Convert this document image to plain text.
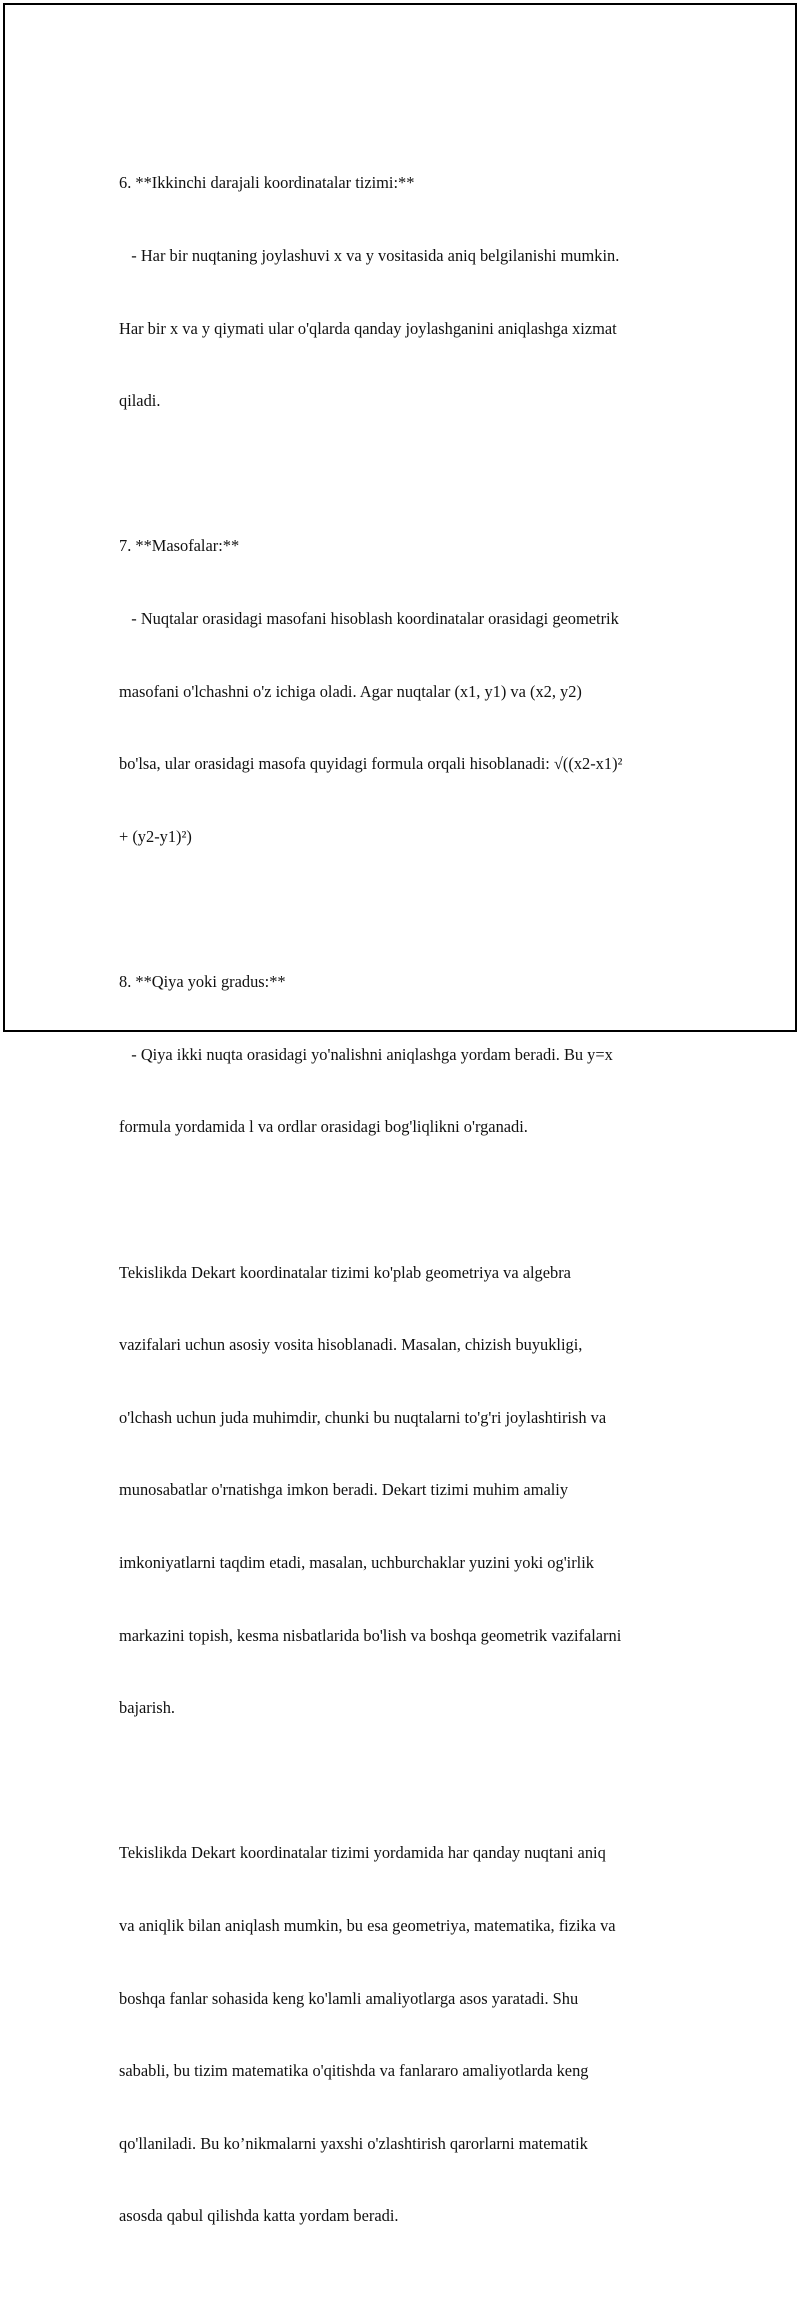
6. **Ikkinchi darajali koordinatalar tizimi:**

- Har bir nuqtaning joylashuvi x va y vositasida aniq belgilanishi mumkin.

Har bir x va y qiymati ular o'qlarda qanday joylashganini aniqlashga xizmat

qiladi.

7. **Masofalar:**

- Nuqtalar orasidagi masofani hisoblash koordinatalar orasidagi geometrik

masofani o'lchashni o'z ichiga oladi. Agar nuqtalar (x1, y1) va (x2, y2)

bo'lsa, ular orasidagi masofa quyidagi formula orqali hisoblanadi: √((x2-x1)²

+ (y2-y1)²)

8. **Qiya yoki gradus:**

- Qiya ikki nuqta orasidagi yo'nalishni aniqlashga yordam beradi. Bu y=x

formula yordamida l va ordlar orasidagi bog'liqlikni o'rganadi.

Tekislikda Dekart koordinatalar tizimi ko'plab geometriya va algebra

vazifalari uchun asosiy vosita hisoblanadi. Masalan, chizish buyukligi,

o'lchash uchun juda muhimdir, chunki bu nuqtalarni to'g'ri joylashtirish va

munosabatlar o'rnatishga imkon beradi. Dekart tizimi muhim amaliy

imkoniyatlarni taqdim etadi, masalan, uchburchaklar yuzini yoki og'irlik

markazini topish, kesma nisbatlarida bo'lish va boshqa geometrik vazifalarni

bajarish.

Tekislikda Dekart koordinatalar tizimi yordamida har qanday nuqtani aniq

va aniqlik bilan aniqlash mumkin, bu esa geometriya, matematika, fizika va

boshqa fanlar sohasida keng ko'lamli amaliyotlarga asos yaratadi. Shu

sababli, bu tizim matematika o'qitishda va fanlararo amaliyotlarda keng

qo'llaniladi. Bu ko’nikmalarni yaxshi o'zlashtirish qarorlarni matematik

asosda qabul qilishda katta yordam beradi.
